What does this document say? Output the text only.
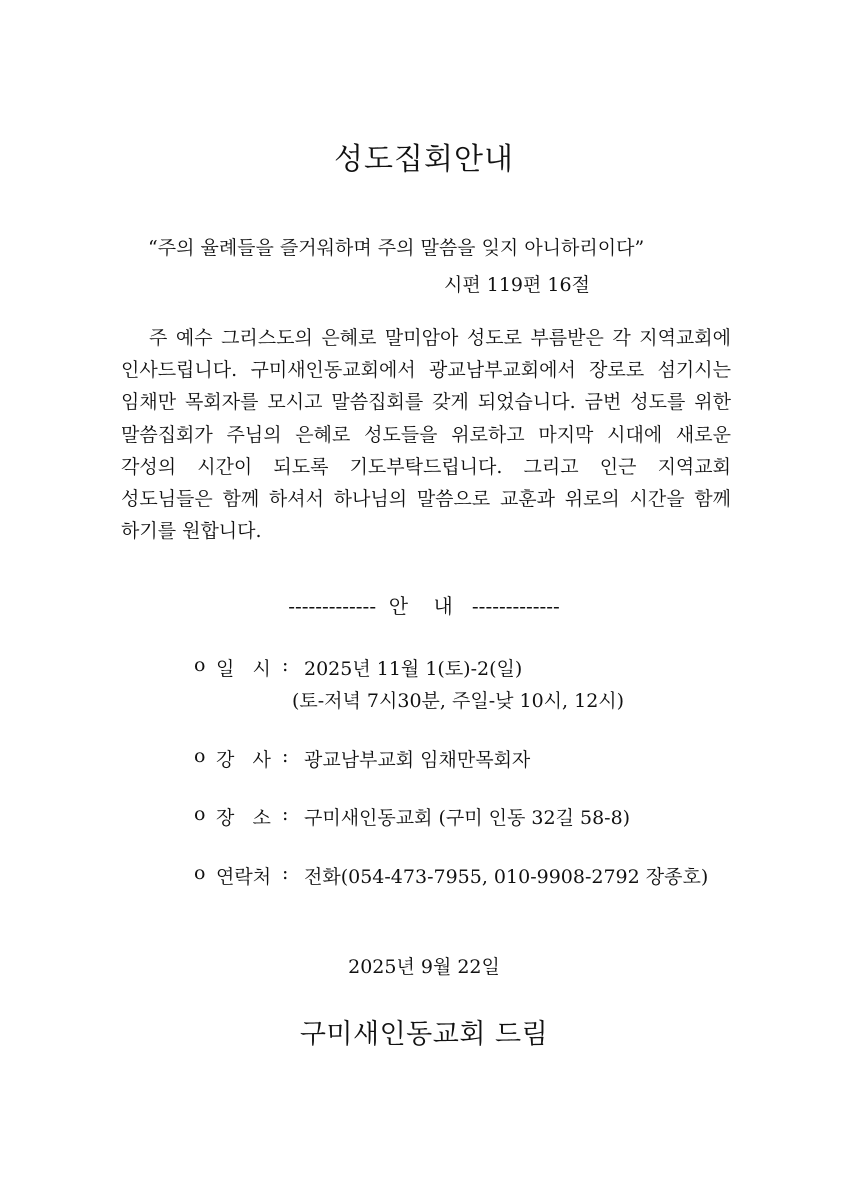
성도집회안내
“주의 율례들을 즐거워하며 주의 말씀을 잊지 아니하리이다”
시편 119편 16절

주 예수 그리스도의 은혜로 말미암아 성도로 부름받은 각 지역교회에 인사드립니다. 구미새인동교회에서 광교남부교회에서 장로로 섬기시는 임채만 목회자를 모시고 말씀집회를 갖게 되었습니다. 금번 성도를 위한 말씀집회가 주님의 은혜로 성도들을 위로하고 마지막 시대에 새로운 각성의 시간이 되도록 기도부탁드립니다. 그리고 인근 지역교회 성도님들은 함께 하셔서 하나님의 말씀으로 교훈과 위로의 시간을 함께 하기를 원합니다.

-------------  안    내   -------------
o 일   시 : 2025년 11월 1(토)-2(일)
(토-저녁 7시30분, 주일-낮 10시, 12시)
o 강   사 : 광교남부교회 임채만목회자
o 장   소 : 구미새인동교회 (구미 인동 32길 58-8)
o 연락처 : 전화(054-473-7955, 010-9908-2792 장종호)
2025년 9월 22일
구미새인동교회 드림
